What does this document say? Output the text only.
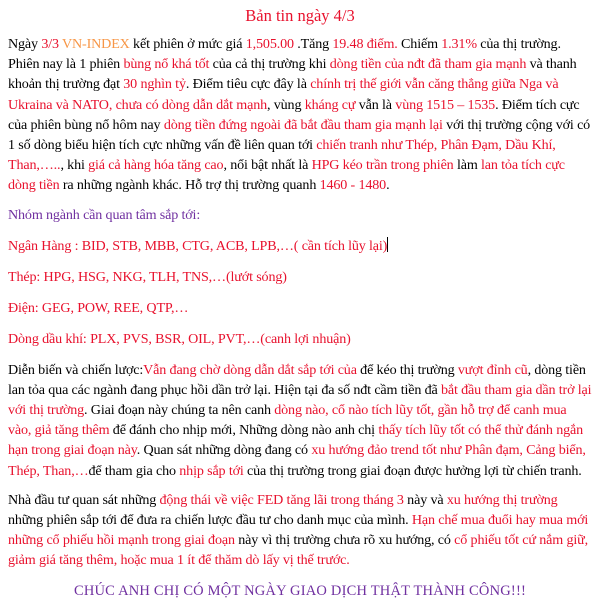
Bản tin ngày 4/3

Ngày 3/3 VN-INDEX kết phiên ở mức giá 1,505.00 .Tăng 19.48 điểm. Chiếm 1.31% của thị trường. Phiên nay là 1 phiên bùng nổ khá tốt của cả thị trường khi dòng tiền của nđt đã tham gia mạnh và thanh khoản thị trường đạt 30 nghìn tỷ. Điểm tiêu cực đây là chính trị thế giới vẫn căng thẳng giữa Nga và Ukraina và NATO, chưa có dòng dẫn dắt mạnh, vùng kháng cự vẫn là vùng 1515 – 1535. Điểm tích cực của phiên bùng nổ hôm nay dòng tiền đứng ngoài đã bắt đầu tham gia mạnh lại với thị trường cộng với có 1 số dòng biểu hiện tích cực những vấn đề liên quan tới chiến tranh như Thép, Phân Đạm, Dầu Khí, Than,….., khi giá cả hàng hóa tăng cao, nổi bật nhất là HPG kéo trần trong phiên làm lan tỏa tích cực dòng tiền ra những ngành khác. Hỗ trợ thị trường quanh 1460 - 1480.

Nhóm ngành cần quan tâm sắp tới:

Ngân Hàng : BID, STB, MBB, CTG, ACB, LPB,…( cần tích lũy lại)

Thép: HPG, HSG, NKG, TLH, TNS,…(lướt sóng)

Điện: GEG, POW, REE, QTP,…

Dòng dầu khí: PLX, PVS, BSR, OIL, PVT,…(canh lợi nhuận)

Diễn biến và chiến lược:Vẫn đang chờ dòng dẫn dắt sắp tới của để kéo thị trường vượt đỉnh cũ, dòng tiền lan tỏa qua các ngành đang phục hồi dần trở lại. Hiện tại đa số nđt cầm tiền đã bắt đầu tham gia dần trở lại với thị trường. Giai đoạn này chúng ta nên canh dòng nào, cổ nào tích lũy tốt, gần hỗ trợ để canh mua vào, giả tăng thêm để đánh cho nhịp mới, Những dòng nào anh chị thấy tích lũy tốt có thể thử đánh ngắn hạn trong giai đoạn này. Quan sát những dòng đang có xu hướng đảo trend tốt như Phân đạm, Cảng biển, Thép, Than,…để tham gia cho nhịp sắp tới của thị trường trong giai đoạn được hưởng lợi từ chiến tranh.

Nhà đầu tư quan sát những động thái về việc FED tăng lãi trong tháng 3 này và xu hướng thị trường những phiên sắp tới để đưa ra chiến lược đầu tư cho danh mục của mình. Hạn chế mua đuổi hay mua mới những cổ phiếu hồi mạnh trong giai đoạn này vì thị trường chưa rõ xu hướng, có cổ phiếu tốt cứ nắm giữ, giảm giá tăng thêm, hoặc mua 1 ít để thăm dò lấy vị thế trước.

CHÚC ANH CHỊ CÓ MỘT NGÀY GIAO DỊCH THẬT THÀNH CÔNG!!!
